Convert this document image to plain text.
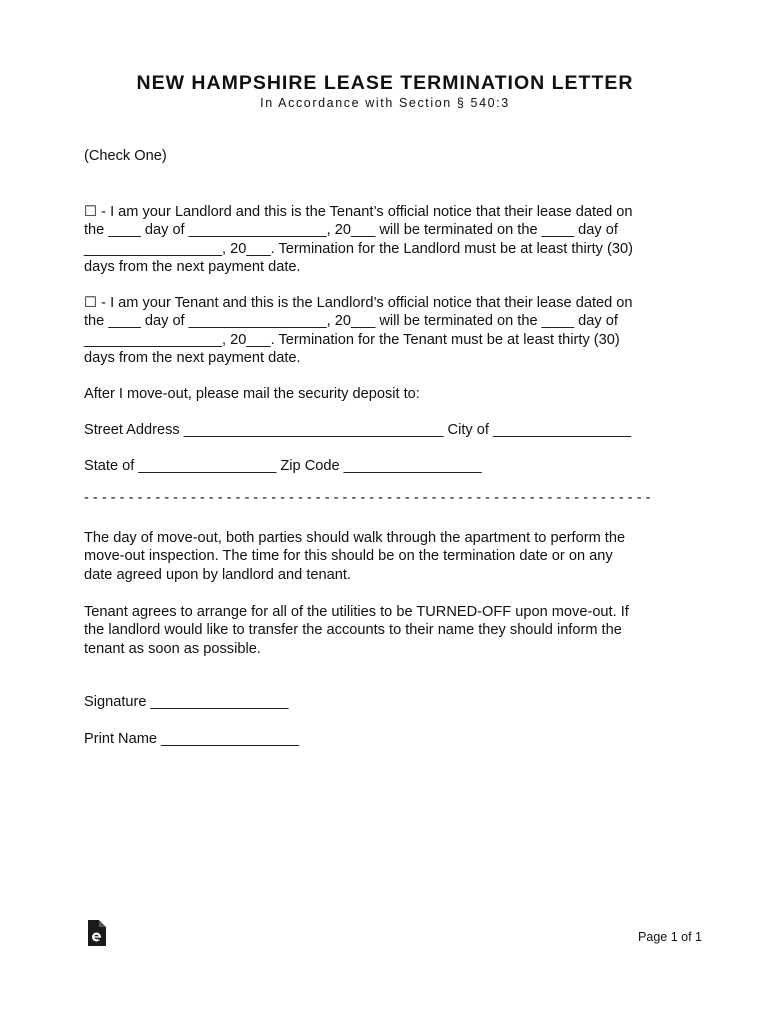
NEW HAMPSHIRE LEASE TERMINATION LETTER
In Accordance with Section § 540:3

(Check One)

☐ - I am your Landlord and this is the Tenant’s official notice that their lease dated on
the ____ day of _________________, 20___ will be terminated on the ____ day of
_________________, 20___. Termination for the Landlord must be at least thirty (30)
days from the next payment date.
☐ - I am your Tenant and this is the Landlord’s official notice that their lease dated on
the ____ day of _________________, 20___ will be terminated on the ____ day of
_________________, 20___. Termination for the Tenant must be at least thirty (30)
days from the next payment date.

After I move-out, please mail the security deposit to:

Street Address ________________________________ City of _________________

State of _________________ Zip Code _________________

- - - - - - - - - - - - - - - - - - - - - - - - - - - - - - - - - - - - - - - - - - - - - - - - - - - - - - - - - - - - - - - -
The day of move-out, both parties should walk through the apartment to perform the
move-out inspection. The time for this should be on the termination date or on any
date agreed upon by landlord and tenant.
Tenant agrees to arrange for all of the utilities to be TURNED-OFF upon move-out. If
the landlord would like to transfer the accounts to their name they should inform the
tenant as soon as possible.

Signature _________________

Print Name _________________

Page 1 of 1
